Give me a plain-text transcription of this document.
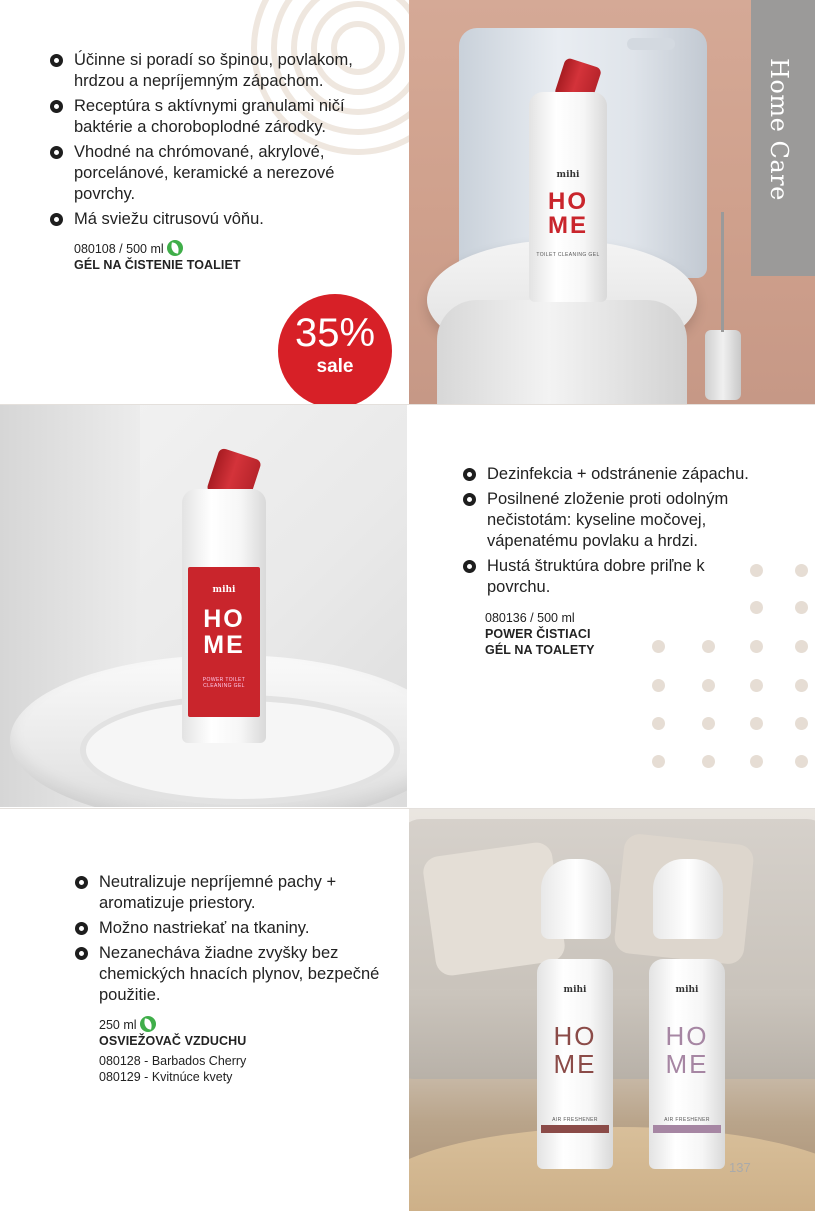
Účinne si poradí so špinou, povlakom, hrdzou a nepríjemným zápachom.
Receptúra s aktívnymi granulami ničí baktérie a choroboplodné zárodky.
Vhodné na chrómované, akrylové, porcelánové, keramické a nerezové povrchy.
Má sviežu citrusovú vôňu.
080108 / 500 ml
GÉL NA ČISTENIE TOALIET
35%
sale
mihi
HO
ME
TOILET CLEANING GEL
Home Care
mihi
HO
ME
POWER TOILET CLEANING GEL
Dezinfekcia + odstránenie zápachu.
Posilnené zloženie proti odolným nečistotám: kyseline močovej, vápenatému povlaku a hrdzi.
Hustá štruktúra dobre priľne k povrchu.
080136 / 500 ml
POWER ČISTIACI
GÉL NA TOALETY
Neutralizuje nepríjemné pachy + aromatizuje priestory.
Možno nastriekať na tkaniny.
Nezanecháva žiadne zvyšky bez chemických hnacích plynov, bezpečné použitie.
250 ml
OSVIEŽOVAČ VZDUCHU
080128 - Barbados Cherry
080129 - Kvitnúce kvety
mihi
HO
ME
AIR FRESHENER
mihi
HO
ME
AIR FRESHENER
137
